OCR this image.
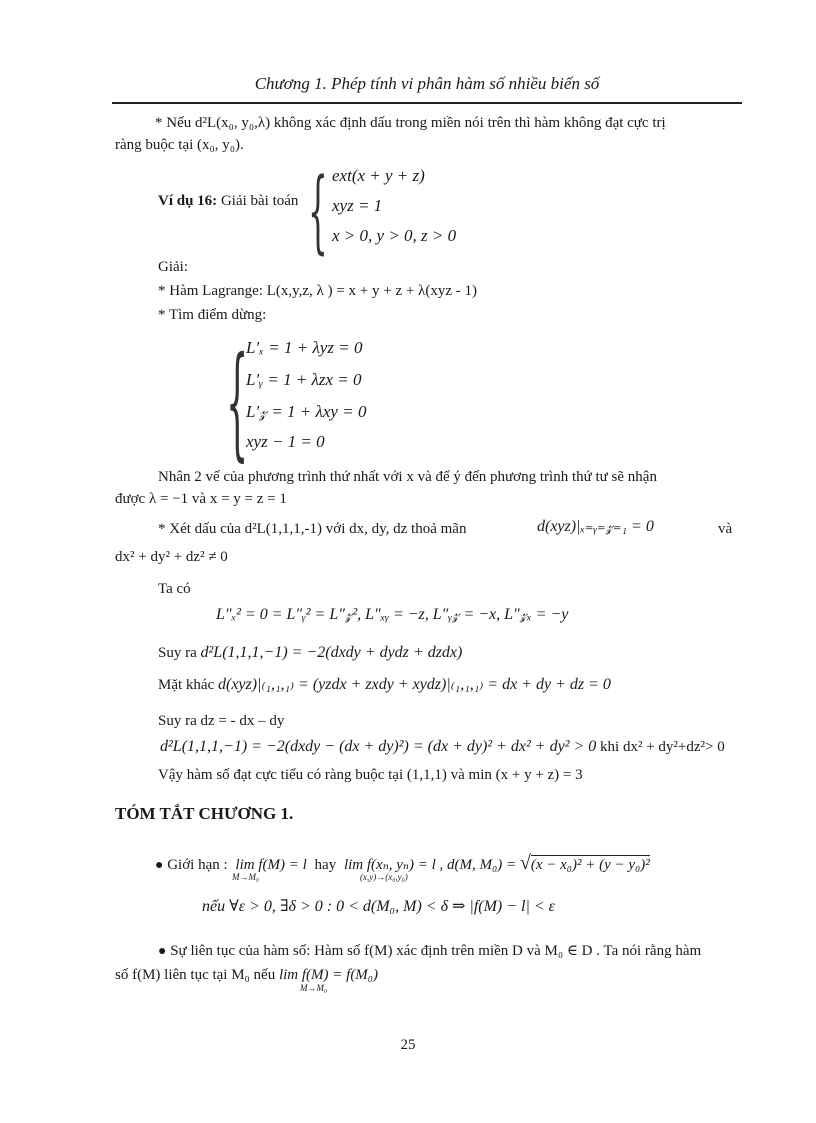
Chương 1. Phép tính vi phân hàm số nhiều biến số
* Nếu d²L(x₀, y₀,λ) không xác định dấu trong miền nói trên thì hàm không đạt cực trị
ràng buộc tại (x₀, y₀).
Ví dụ 16: Giải bài toán { ext(x + y + z)
xyz = 1
x > 0, y > 0, z > 0
Giải:
* Hàm Lagrange: L(x,y,z, λ ) = x + y + z + λ(xyz - 1)
* Tìm điểm dừng:
{
L′ₓ = 1 + λyz = 0
L′ᵧ = 1 + λzx = 0
L′𝓏 = 1 + λxy = 0
xyz − 1 = 0
Nhân 2 vế của phương trình thứ nhất với x và để ý đến phương trình thứ tư sẽ nhận
được λ = −1 và x = y = z = 1
* Xét dấu của d²L(1,1,1,-1) với dx, dy, dz thoả mãn	d(xyz)|ₓ₌ᵧ₌𝓏₌₁ = 0	và
dx² + dy² + dz² ≠ 0
Ta có
L″ₓ² = 0 = L″ᵧ² = L″𝓏², L″ₓᵧ = −z, L″ᵧ𝓏 = −x, L″𝓏ₓ = −y
Suy ra d²L(1,1,1,−1) = −2(dxdy + dydz + dzdx)
Mặt khác d(xyz)|₍₁,₁,₁₎ = (yzdx + zxdy + xydz)|₍₁,₁,₁₎ = dx + dy + dz = 0
Suy ra dz = - dx – dy
d²L(1,1,1,−1) = −2(dxdy − (dx + dy)²) = (dx + dy)² + dx² + dy² > 0 khi dx² + dy²+dz²> 0
Vậy hàm số đạt cực tiểu có ràng buộc tại (1,1,1) và min (x + y + z) = 3
TÓM TẮT CHƯƠNG 1.
● Giới hạn : lim f(M) = l hay lim f(xₙ, yₙ) = l , d(M, M₀) = √(x − x₀)² + (y − y₀)²
M→M₀	(x,y)→(x₀,y₀)
nếu ∀ε > 0, ∃δ > 0 : 0 < d(M₀, M) < δ ⇒ |f(M) − l| < ε
● Sự liên tục của hàm số: Hàm số f(M) xác định trên miền D và M₀ ∈ D . Ta nói rằng hàm
số f(M) liên tục tại M₀ nếu lim f(M) = f(M₀)
M→M₀
25
